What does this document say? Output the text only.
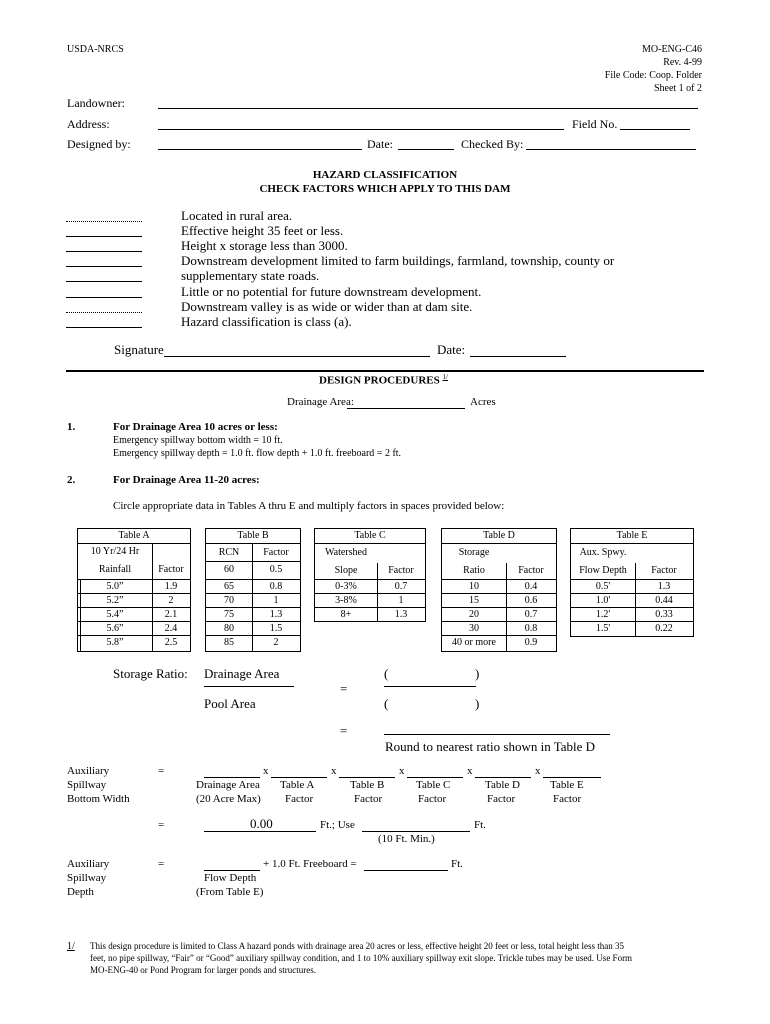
USDA-NRCS	MO-ENG-C46
Rev. 4-99
File Code: Coop. Folder
Sheet 1 of 2
Landowner:
Address:	Field No.
Designed by:	Date:	Checked By:
HAZARD CLASSIFICATION
CHECK FACTORS WHICH APPLY TO THIS DAM
Located in rural area.
Effective height 35 feet or less.
Height x storage less than 3000.
Downstream development limited to farm buildings, farmland, township, county or
supplementary state roads.
Little or no potential for future downstream development.
Downstream valley is as wide or wider than at dam site.
Hazard classification is class (a).
Signature	Date:
DESIGN PROCEDURES $^{1/}$
Drainage Area:	Acres
1.	For Drainage Area 10 acres or less:
Emergency spillway bottom width = 10 ft.
Emergency spillway depth = 1.0 ft. flow depth + 1.0 ft. freeboard = 2 ft.
2.	For Drainage Area 11-20 acres:
Circle appropriate data in Tables A thru E and multiply factors in spaces provided below:
Table A
10 Yr/24 Hr
Rainfall	Factor
5.0”	1.9
5.2”	2
5.4”	2.1
5.6”	2.4
5.8”	2.5
Table B
RCN	Factor
60	0.5
65	0.8
70	1
75	1.3
80	1.5
85	2
Table C
Watershed
Slope	Factor
0-3%	0.7
3-8%	1
8+	1.3
Table D
Storage
Ratio	Factor
10	0.4
15	0.6
20	0.7
30	0.8
40 or more	0.9
Table E
Aux. Spwy.
Flow Depth	Factor
0.5'	1.3
1.0'	0.44
1.2'	0.33
1.5'	0.22
Storage Ratio: Drainage Area	(	)
=
Pool Area	(	)
=
Round to nearest ratio shown in Table D
Auxiliary
Spillway
Bottom Width
=	x	x	x	x	x
Drainage Area
(20 Acre Max)
Table A
Factor
Table B
Factor
Table C
Factor
Table D
Factor
Table E
Factor
=	0.00	Ft.; Use	Ft.
(10 Ft. Min.)
Auxiliary
Spillway
Depth
=	+ 1.0 Ft. Freeboard =	Ft.
Flow Depth
(From Table E)
1/ This design procedure is limited to Class A hazard ponds with drainage area 20 acres or less, effective height 20 feet or less, total height less than 35
feet, no pipe spillway, “Fair” or “Good” auxiliary spillway condition, and 1 to 10% auxiliary spillway exit slope. Trickle tubes may be used. Use Form
MO-ENG-40 or Pond Program for larger ponds and structures.
